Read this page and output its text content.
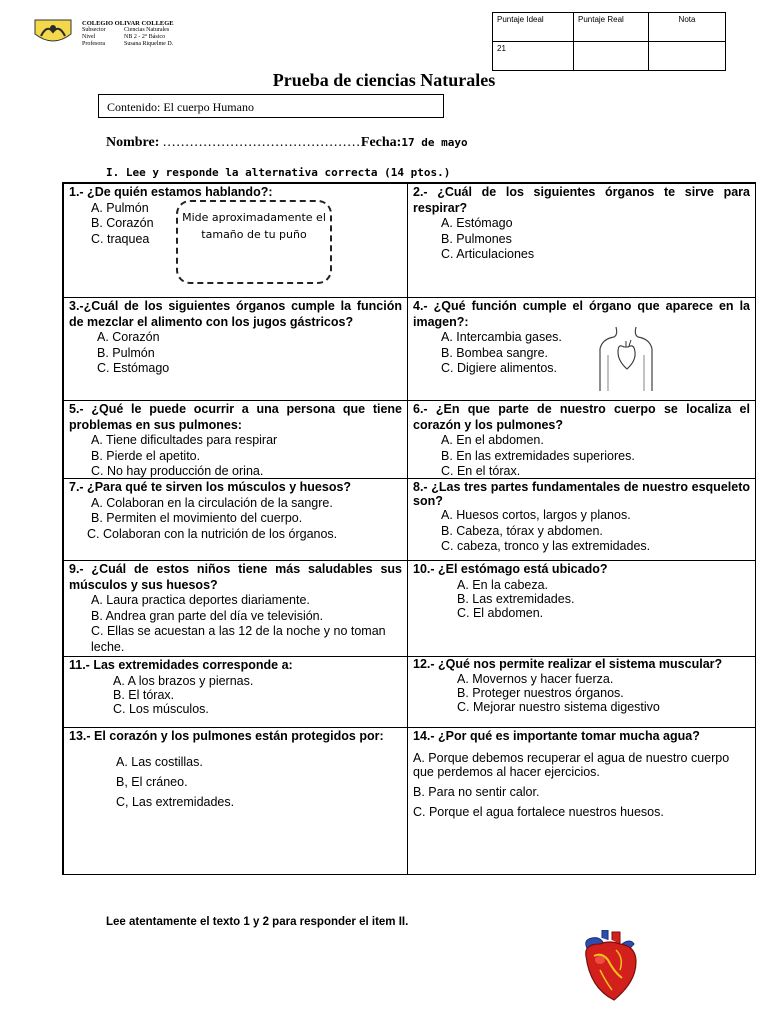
COLEGIO OLIVAR COLLEGE
Subsector	Ciencias Naturales
Nivel	NB 2 - 2° Básico
Profesora	Susana Riquelme D.
Puntaje Ideal	Puntaje Real	Nota
21		
Prueba de ciencias Naturales
Contenido: El cuerpo Humano
Nombre: ............................................Fecha:17 de mayo
I. Lee y responde la alternativa correcta (14 ptos.)
1.- ¿De quién estamos hablando?:
A. Pulmón
B. Corazón
C. traquea
2.- ¿Cuál de los siguientes órganos te sirve para respirar?
A. Estómago
B. Pulmones
C. Articulaciones
3.-¿Cuál de los siguientes órganos cumple la función de mezclar el alimento con los jugos gástricos?
A. Corazón
B. Pulmón
C. Estómago
4.- ¿Qué función cumple el órgano que aparece en la imagen?:
A. Intercambia gases.
B. Bombea sangre.
C. Digiere alimentos.
5.- ¿Qué le puede ocurrir a una persona que tiene problemas en sus pulmones:
A. Tiene dificultades para respirar
B. Pierde el apetito.
C. No hay producción de orina.
6.- ¿En que parte de nuestro cuerpo se localiza el corazón y los pulmones?
A. En el abdomen.
B. En las extremidades superiores.
C. En el tórax.
7.- ¿Para qué te sirven los músculos y huesos?
A. Colaboran en la circulación de la sangre.
B. Permiten el movimiento del cuerpo.
C. Colaboran con la nutrición de los órganos.
8.- ¿Las tres partes fundamentales de nuestro esqueleto son?
A. Huesos cortos, largos y planos.
B. Cabeza, tórax y abdomen.
C. cabeza, tronco y las extremidades.
9.- ¿Cuál de estos niños tiene más saludables sus músculos y sus huesos?
A. Laura practica deportes diariamente.
B. Andrea gran parte del día ve televisión.
C. Ellas se acuestan a las 12 de la noche y no toman leche.
10.- ¿El estómago está ubicado?
A. En la cabeza.
B. Las extremidades.
C. El abdomen.
11.- Las extremidades corresponde a:
A. A los brazos y piernas.
B. El tórax.
C. Los músculos.
12.- ¿Qué nos permite realizar el sistema muscular?
A. Movernos y hacer fuerza.
B. Proteger nuestros órganos.
C. Mejorar nuestro sistema digestivo
13.- El corazón y los pulmones están protegidos por:
A. Las costillas.
B, El cráneo.
C, Las extremidades.
14.- ¿Por qué es importante tomar mucha agua?
A. Porque debemos recuperar el agua de nuestro cuerpo que perdemos al hacer ejercicios.
B. Para no sentir calor.
C. Porque el agua fortalece nuestros huesos.
Mide aproximadamente el tamaño de tu puño
Lee atentamente el texto 1 y 2 para responder el item II.
